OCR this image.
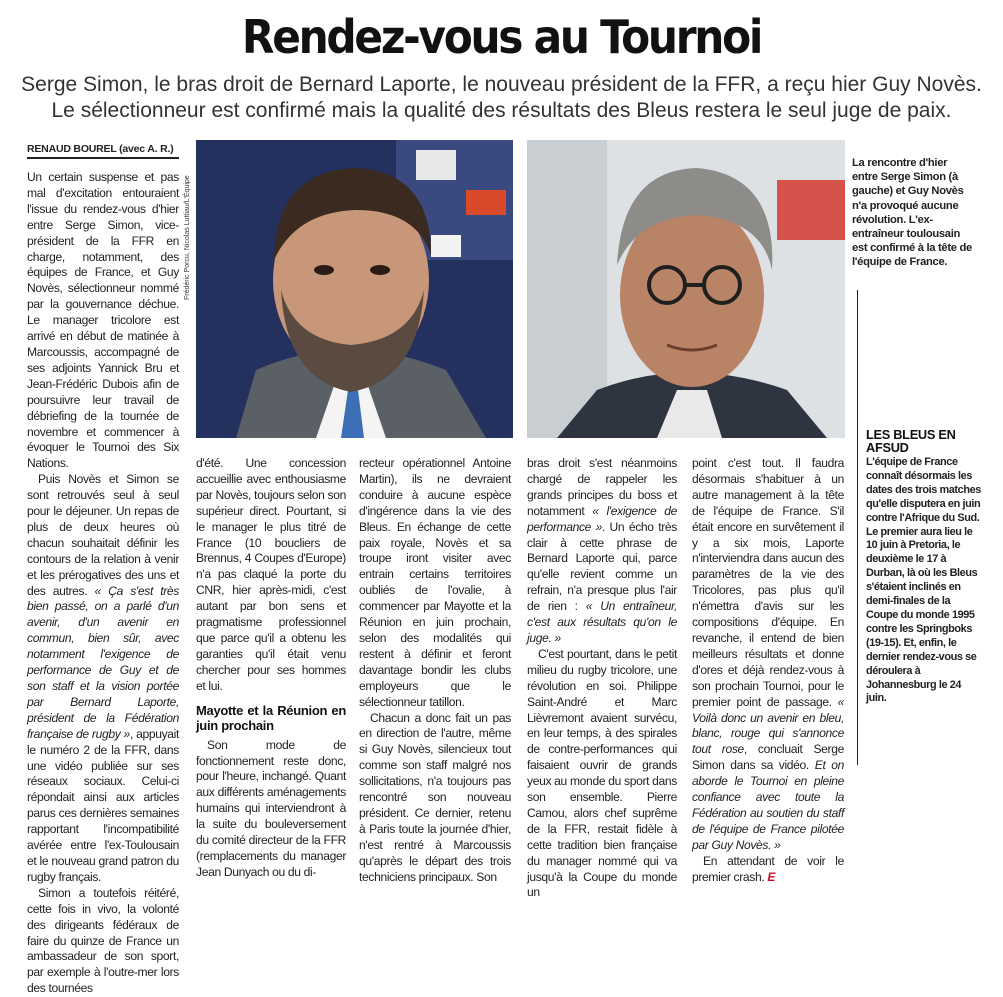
Rendez-vous au Tournoi
Serge Simon, le bras droit de Bernard Laporte, le nouveau président de la FFR, a reçu hier Guy Novès. Le sélectionneur est confirmé mais la qualité des résultats des Bleus restera le seul juge de paix.
RENAUD BOUREL (avec A. R.)

Un certain suspense et pas mal d'excitation entouraient l'issue du rendez-vous d'hier entre Serge Simon, vice-président de la FFR en charge, notamment, des équipes de France, et Guy Novès, sélectionneur nommé par la gouvernance déchue. Le manager tricolore est arrivé en début de matinée à Marcoussis, accompagné de ses adjoints Yannick Bru et Jean-Frédéric Dubois afin de poursuivre leur travail de débriefing de la tournée de novembre et commencer à évoquer le Tournoi des Six Nations.

Puis Novès et Simon se sont retrouvés seul à seul pour le déjeuner. Un repas de plus de deux heures où chacun souhaitait définir les contours de la relation à venir et les prérogatives des uns et des autres. « Ça s'est très bien passé, on a parlé d'un avenir, d'un avenir en commun, bien sûr, avec notamment l'exigence de performance de Guy et de son staff et la vision portée par Bernard Laporte, président de la Fédération française de rugby », appuyait le numéro 2 de la FFR, dans une vidéo publiée sur ses réseaux sociaux. Celui-ci répondait ainsi aux articles parus ces dernières semaines rapportant l'incompatibilité avérée entre l'ex-Toulousain et le nouveau grand patron du rugby français.

Simon a toutefois réitéré, cette fois in vivo, la volonté des dirigeants fédéraux de faire du quinze de France un ambassadeur de son sport, par exemple à l'outre-mer lors des tournées

Frédéric Porcu, Nicolas Luttiau/L'Équipe
La rencontre d'hier entre Serge Simon (à gauche) et Guy Novès n'a provoqué aucune révolution. L'ex-entraîneur toulousain est confirmé à la tête de l'équipe de France.

d'été. Une concession accueillie avec enthousiasme par Novès, toujours selon son supérieur direct. Pourtant, si le manager le plus titré de France (10 boucliers de Brennus, 4 Coupes d'Europe) n'a pas claqué la porte du CNR, hier après-midi, c'est autant par bon sens et pragmatisme professionnel que parce qu'il a obtenu les garanties qu'il était venu chercher pour ses hommes et lui.

Mayotte et la Réunion en juin prochain

Son mode de fonctionnement reste donc, pour l'heure, inchangé. Quant aux différents aménagements humains qui interviendront à la suite du bouleversement du comité directeur de la FFR (remplacements du manager Jean Dunyach ou du di-

recteur opérationnel Antoine Martin), ils ne devraient conduire à aucune espèce d'ingérence dans la vie des Bleus. En échange de cette paix royale, Novès et sa troupe iront visiter avec entrain certains territoires oubliés de l'ovalie, à commencer par Mayotte et la Réunion en juin prochain, selon des modalités qui restent à définir et feront davantage bondir les clubs employeurs que le sélectionneur tatillon.

Chacun a donc fait un pas en direction de l'autre, même si Guy Novès, silencieux tout comme son staff malgré nos sollicitations, n'a toujours pas rencontré son nouveau président. Ce dernier, retenu à Paris toute la journée d'hier, n'est rentré à Marcoussis qu'après le départ des trois techniciens principaux. Son

bras droit s'est néanmoins chargé de rappeler les grands principes du boss et notamment « l'exigence de performance ». Un écho très clair à cette phrase de Bernard Laporte qui, parce qu'elle revient comme un refrain, n'a presque plus l'air de rien : « Un entraîneur, c'est aux résultats qu'on le juge. »

C'est pourtant, dans le petit milieu du rugby tricolore, une révolution en soi. Philippe Saint-André et Marc Lièvremont avaient survécu, en leur temps, à des spirales de contre-performances qui faisaient ouvrir de grands yeux au monde du sport dans son ensemble. Pierre Camou, alors chef suprême de la FFR, restait fidèle à cette tradition bien française du manager nommé qui va jusqu'à la Coupe du monde un

point c'est tout. Il faudra désormais s'habituer à un autre management à la tête de l'équipe de France. S'il était encore en survêtement il y a six mois, Laporte n'interviendra dans aucun des paramètres de la vie des Tricolores, pas plus qu'il n'émettra d'avis sur les compositions d'équipe. En revanche, il entend de bien meilleurs résultats et donne d'ores et déjà rendez-vous à son prochain Tournoi, pour le premier point de passage. « Voilà donc un avenir en bleu, blanc, rouge qui s'annonce tout rose, concluait Serge Simon dans sa vidéo. Et on aborde le Tournoi en pleine confiance avec toute la Fédération au soutien du staff de l'équipe de France pilotée par Guy Novès. »

En attendant de voir le premier crash. E

LES BLEUS EN AFSUD
L'équipe de France connaît désormais les dates des trois matches qu'elle disputera en juin contre l'Afrique du Sud. Le premier aura lieu le 10 juin à Pretoria, le deuxième le 17 à Durban, là où les Bleus s'étaient inclinés en demi-finales de la Coupe du monde 1995 contre les Springboks (19-15). Et, enfin, le dernier rendez-vous se déroulera à Johannesburg le 24 juin.
